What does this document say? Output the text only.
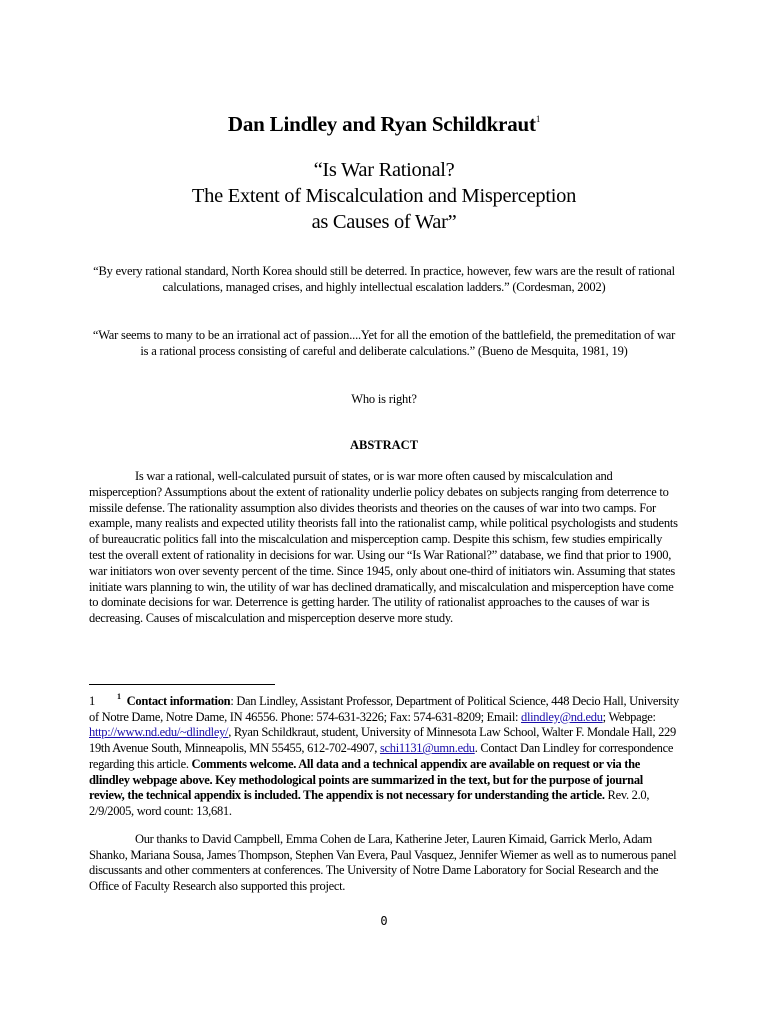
Dan Lindley and Ryan Schildkraut$^1$
“Is War Rational?
The Extent of Miscalculation and Misperception
as Causes of War”
“By every rational standard, North Korea should still be deterred. In practice, however, few wars are the result of rational calculations, managed crises, and highly intellectual escalation ladders.” (Cordesman, 2002)
“War seems to many to be an irrational act of passion....Yet for all the emotion of the battlefield, the premeditation of war is a rational process consisting of careful and deliberate calculations.” (Bueno de Mesquita, 1981, 19)
Who is right?
ABSTRACT

Is war a rational, well-calculated pursuit of states, or is war more often caused by miscalculation and misperception? Assumptions about the extent of rationality underlie policy debates on subjects ranging from deterrence to missile defense. The rationality assumption also divides theorists and theories on the causes of war into two camps. For example, many realists and expected utility theorists fall into the rationalist camp, while political psychologists and students of bureaucratic politics fall into the miscalculation and misperception camp. Despite this schism, few studies empirically test the overall extent of rationality in decisions for war. Using our “Is War Rational?” database, we find that prior to 1900, war initiators won over seventy percent of the time. Since 1945, only about one-third of initiators win. Assuming that states initiate wars planning to win, the utility of war has declined dramatically, and miscalculation and misperception have come to dominate decisions for war. Deterrence is getting harder. The utility of rationalist approaches to the causes of war is decreasing. Causes of miscalculation and misperception deserve more study.

1	$^1$ Contact information: Dan Lindley, Assistant Professor, Department of Political Science, 448 Decio Hall, University of Notre Dame, Notre Dame, IN 46556. Phone: 574-631-3226; Fax: 574-631-8209; Email: dlindley@nd.edu; Webpage: http://www.nd.edu/~dlindley/, Ryan Schildkraut, student, University of Minnesota Law School, Walter F. Mondale Hall, 229 19th Avenue South, Minneapolis, MN 55455, 612-702-4907, schi1131@umn.edu. Contact Dan Lindley for correspondence regarding this article. Comments welcome. All data and a technical appendix are available on request or via the dlindley webpage above. Key methodological points are summarized in the text, but for the purpose of journal review, the technical appendix is included. The appendix is not necessary for understanding the article. Rev. 2.0, 2/9/2005, word count: 13,681.

Our thanks to David Campbell, Emma Cohen de Lara, Katherine Jeter, Lauren Kimaid, Garrick Merlo, Adam Shanko, Mariana Sousa, James Thompson, Stephen Van Evera, Paul Vasquez, Jennifer Wiemer as well as to numerous panel discussants and other commenters at conferences. The University of Notre Dame Laboratory for Social Research and the Office of Faculty Research also supported this project.

0
